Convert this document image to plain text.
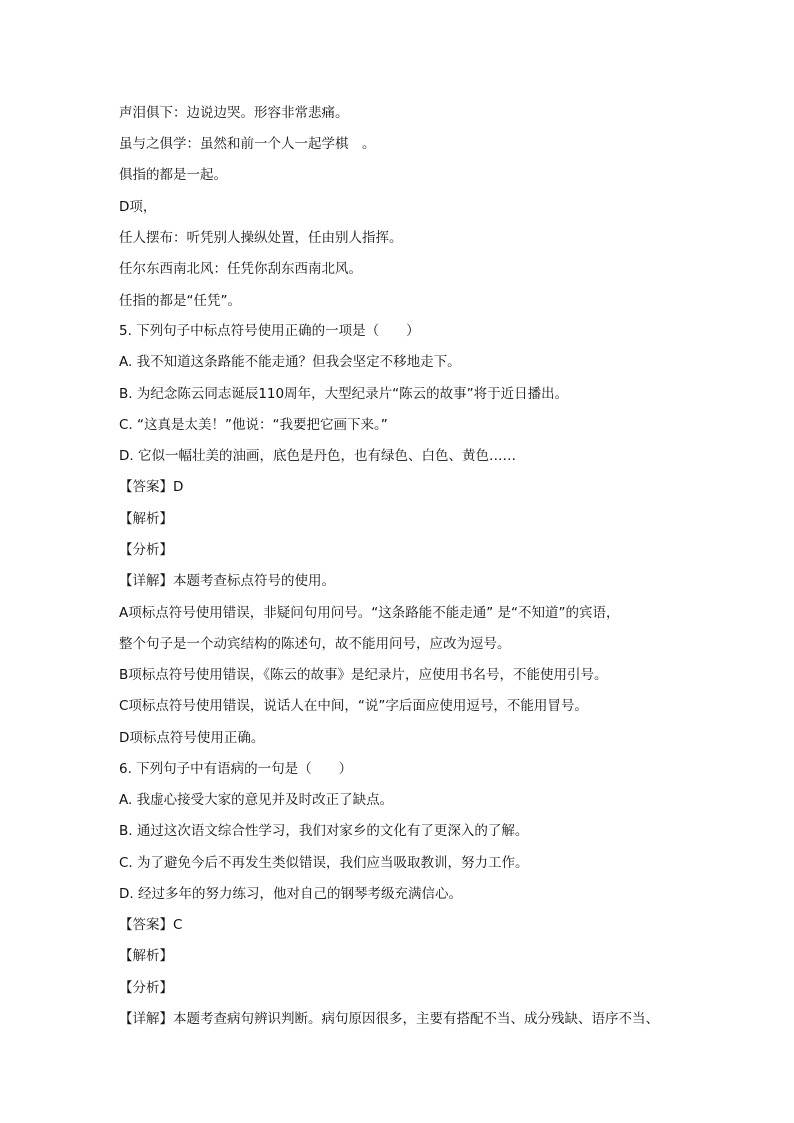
声泪俱下：边说边哭。形容非常悲痛。
虽与之俱学：虽然和前一个人一起学棋　。
俱指的都是一起。
D项，
任人摆布：听凭别人操纵处置，任由别人指挥。
任尔东西南北风：任凭你刮东西南北风。
任指的都是“任凭”。
5. 下列句子中标点符号使用正确的一项是（　　）
A. 我不知道这条路能不能走通？但我会坚定不移地走下。
B. 为纪念陈云同志诞辰110周年，大型纪录片“陈云的故事”将于近日播出。
C. “这真是太美！”他说：“我要把它画下来。”
D. 它似一幅壮美的油画，底色是丹色，也有绿色、白色、黄色……
【答案】D
【解析】
【分析】
【详解】本题考查标点符号的使用。
A项标点符号使用错误，非疑问句用问号。“这条路能不能走通” 是“不知道”的宾语，
整个句子是一个动宾结构的陈述句，故不能用问号，应改为逗号。
B项标点符号使用错误，《陈云的故事》是纪录片，应使用书名号，不能使用引号。
C项标点符号使用错误，说话人在中间，“说”字后面应使用逗号，不能用冒号。
D项标点符号使用正确。
6. 下列句子中有语病的一句是（　　）
A. 我虚心接受大家的意见并及时改正了缺点。
B. 通过这次语文综合性学习，我们对家乡的文化有了更深入的了解。
C. 为了避免今后不再发生类似错误，我们应当吸取教训，努力工作。
D. 经过多年的努力练习，他对自己的钢琴考级充满信心。
【答案】C
【解析】
【分析】
【详解】本题考查病句辨识判断。病句原因很多，主要有搭配不当、成分残缺、语序不当、
